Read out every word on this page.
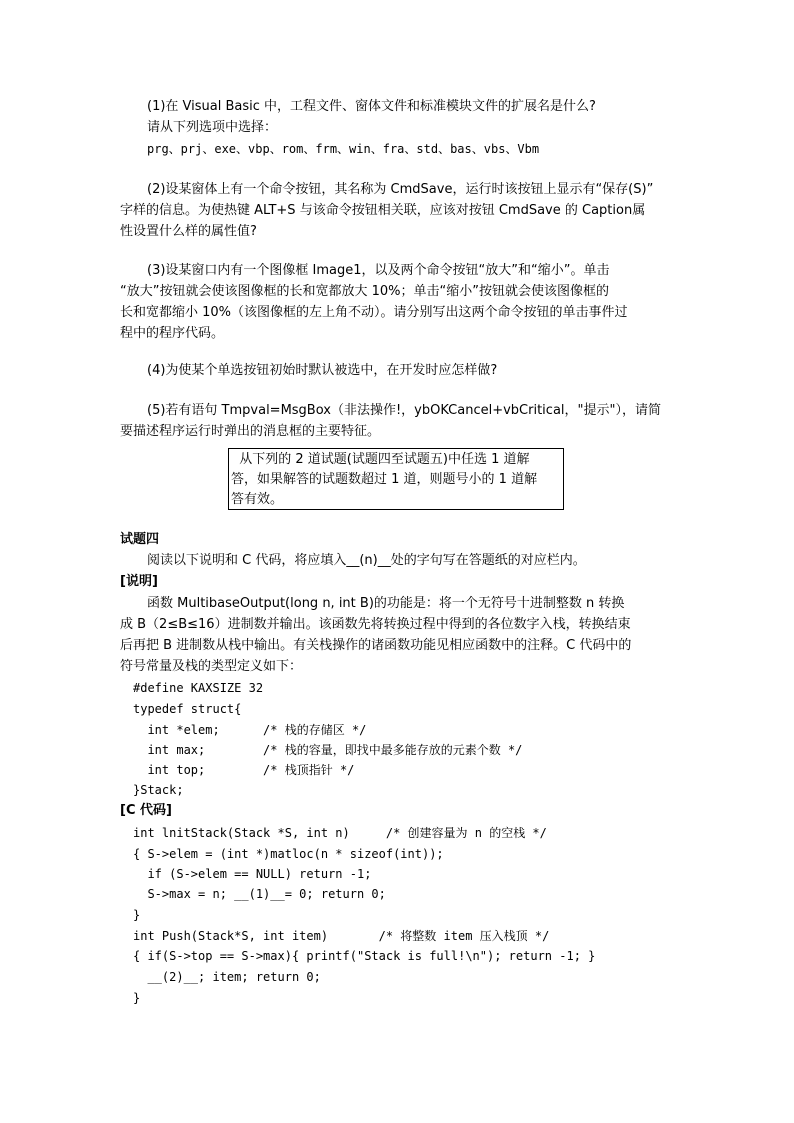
(1)在 Visual Basic 中，工程文件、窗体文件和标准模块文件的扩展名是什么?
请从下列选项中选择：
prg、prj、exe、vbp、rom、frm、win、fra、std、bas、vbs、Vbm
(2)设某窗体上有一个命令按钮，其名称为 CmdSave，运行时该按钮上显示有“保存(S)”
字样的信息。为使热键 ALT+S 与该命令按钮相关联，应该对按钮 CmdSave 的 Caption属
性设置什么样的属性值?
(3)设某窗口内有一个图像框 Image1，以及两个命令按钮“放大”和“缩小”。单击
“放大”按钮就会使该图像框的长和宽都放大 10%；单击“缩小”按钮就会使该图像框的
长和宽都缩小 10%（该图像框的左上角不动）。请分别写出这两个命令按钮的单击事件过
程中的程序代码。
(4)为使某个单选按钮初始时默认被选中，在开发时应怎样做?
(5)若有语句 Tmpval=MsgBox（非法操作!，ybOKCancel+vbCritical，"提示"），请简
要描述程序运行时弹出的消息框的主要特征。
从下列的 2 道试题(试题四至试题五)中任选 1 道解
答，如果解答的试题数超过 1 道，则题号小的 1 道解
答有效。
试题四
阅读以下说明和 C 代码，将应填入__(n)__处的字句写在答题纸的对应栏内。
[说明]
函数 MultibaseOutput(long n, int B)的功能是：将一个无符号十进制整数 n 转换
成 B（2≤B≤16）进制数并输出。该函数先将转换过程中得到的各位数字入栈，转换结束
后再把 B 进制数从栈中输出。有关栈操作的诸函数功能见相应函数中的注释。C 代码中的
符号常量及栈的类型定义如下：
#define KAXSIZE 32
typedef struct{
int *elem;      /* 栈的存储区 */
int max;        /* 栈的容量，即找中最多能存放的元素个数 */
int top;        /* 栈顶指针 */
}Stack;
[C 代码]
int lnitStack(Stack *S, int n)     /* 创建容量为 n 的空栈 */
{ S->elem = (int *)matloc(n * sizeof(int));
if (S->elem == NULL) return -1;
S->max = n; __(1)__= 0; return 0;
}
int Push(Stack*S, int item)       /* 将整数 item 压入栈顶 */
{ if(S->top == S->max){ printf("Stack is full!\n"); return -1; }
__(2)__; item; return 0;
}
